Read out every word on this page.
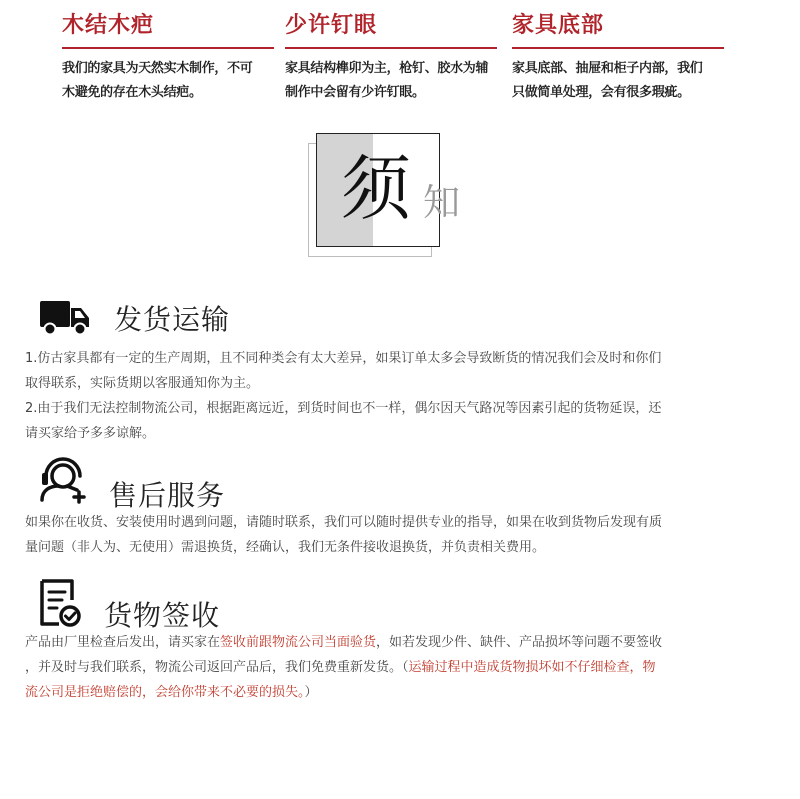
木结木疤
我们的家具为天然实木制作，不可
木避免的存在木头结疤。
少许钉眼
家具结构榫卯为主，枪钉、胶水为辅
制作中会留有少许钉眼。
家具底部
家具底部、抽屉和柜子内部，我们
只做简单处理，会有很多瑕疵。
须 知
发货运输
1.仿古家具都有一定的生产周期，且不同种类会有太大差异，如果订单太多会导致断货的情况我们会及时和你们
取得联系，实际货期以客服通知你为主。
2.由于我们无法控制物流公司，根据距离远近，到货时间也不一样，偶尔因天气路况等因素引起的货物延误，还
请买家给予多多谅解。
售后服务
如果你在收货、安装使用时遇到问题，请随时联系，我们可以随时提供专业的指导，如果在收到货物后发现有质
量问题（非人为、无使用）需退换货，经确认，我们无条件接收退换货，并负责相关费用。
货物签收
产品由厂里检查后发出，请买家在签收前跟物流公司当面验货，如若发现少件、缺件、产品损坏等问题不要签收
，并及时与我们联系，物流公司返回产品后，我们免费重新发货。（运输过程中造成货物损坏如不仔细检查，物
流公司是拒绝赔偿的，会给你带来不必要的损失。）
